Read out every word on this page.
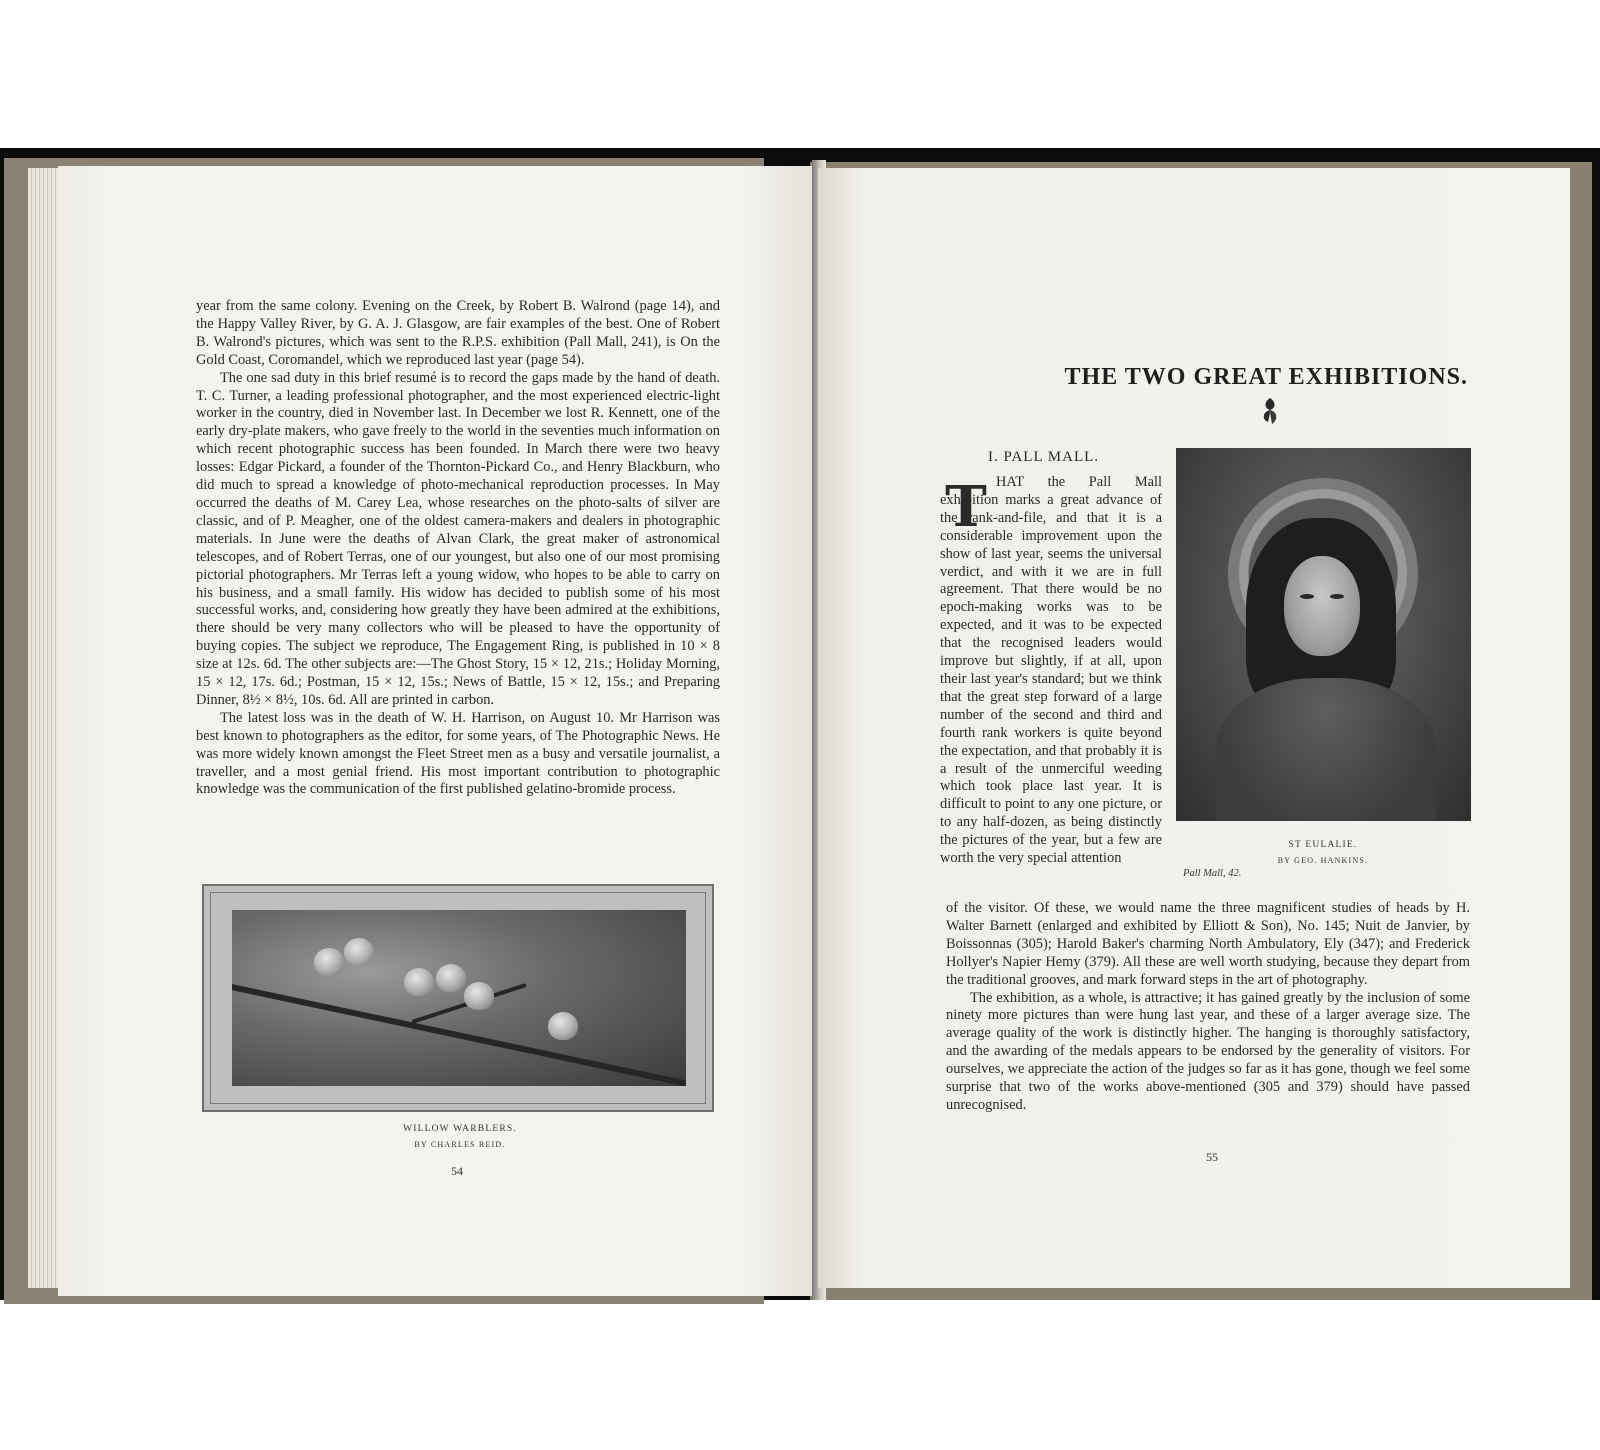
year from the same colony. Evening on the Creek, by Robert B. Walrond (page 14), and the Happy Valley River, by G. A. J. Glasgow, are fair examples of the best. One of Robert B. Walrond's pictures, which was sent to the R.P.S. exhibition (Pall Mall, 241), is On the Gold Coast, Coromandel, which we reproduced last year (page 54).

The one sad duty in this brief resumé is to record the gaps made by the hand of death. T. C. Turner, a leading professional photographer, and the most experienced electric-light worker in the country, died in November last. In December we lost R. Kennett, one of the early dry-plate makers, who gave freely to the world in the seventies much information on which recent photographic success has been founded. In March there were two heavy losses: Edgar Pickard, a founder of the Thornton-Pickard Co., and Henry Blackburn, who did much to spread a knowledge of photo-mechanical reproduction processes. In May occurred the deaths of M. Carey Lea, whose researches on the photo-salts of silver are classic, and of P. Meagher, one of the oldest camera-makers and dealers in photographic materials. In June were the deaths of Alvan Clark, the great maker of astronomical telescopes, and of Robert Terras, one of our youngest, but also one of our most promising pictorial photographers. Mr Terras left a young widow, who hopes to be able to carry on his business, and a small family. His widow has decided to publish some of his most successful works, and, considering how greatly they have been admired at the exhibitions, there should be very many collectors who will be pleased to have the opportunity of buying copies. The subject we reproduce, The Engagement Ring, is published in 10 × 8 size at 12s. 6d. The other subjects are:—The Ghost Story, 15 × 12, 21s.; Holiday Morning, 15 × 12, 17s. 6d.; Postman, 15 × 12, 15s.; News of Battle, 15 × 12, 15s.; and Preparing Dinner, 8½ × 8½, 10s. 6d. All are printed in carbon.

The latest loss was in the death of W. H. Harrison, on August 10. Mr Harrison was best known to photographers as the editor, for some years, of The Photographic News. He was more widely known amongst the Fleet Street men as a busy and versatile journalist, a traveller, and a most genial friend. His most important contribution to photographic knowledge was the communication of the first published gelatino-bromide process.

WILLOW WARBLERS.

BY CHARLES REID.

54

THE TWO GREAT EXHIBITIONS.

I. PALL MALL.

T HAT the Pall Mall exhibition marks a great advance of the rank-and-file, and that it is a considerable improvement upon the show of last year, seems the universal verdict, and with it we are in full agreement. That there would be no epoch-making works was to be expected, and it was to be expected that the recognised leaders would improve but slightly, if at all, upon their last year's standard; but we think that the great step forward of a large number of the second and third and fourth rank workers is quite beyond the expectation, and that probably it is a result of the unmerciful weeding which took place last year. It is difficult to point to any one picture, or to any half-dozen, as being distinctly the pictures of the year, but a few are worth the very special attention

ST EULALIE.

BY GEO. HANKINS.

Pall Mall, 42.

of the visitor. Of these, we would name the three magnificent studies of heads by H. Walter Barnett (enlarged and exhibited by Elliott & Son), No. 145; Nuit de Janvier, by Boissonnas (305); Harold Baker's charming North Ambulatory, Ely (347); and Frederick Hollyer's Napier Hemy (379). All these are well worth studying, because they depart from the traditional grooves, and mark forward steps in the art of photography.

The exhibition, as a whole, is attractive; it has gained greatly by the inclusion of some ninety more pictures than were hung last year, and these of a larger average size. The average quality of the work is distinctly higher. The hanging is thoroughly satisfactory, and the awarding of the medals appears to be endorsed by the generality of visitors. For ourselves, we appreciate the action of the judges so far as it has gone, though we feel some surprise that two of the works above-mentioned (305 and 379) should have passed unrecognised.

55
